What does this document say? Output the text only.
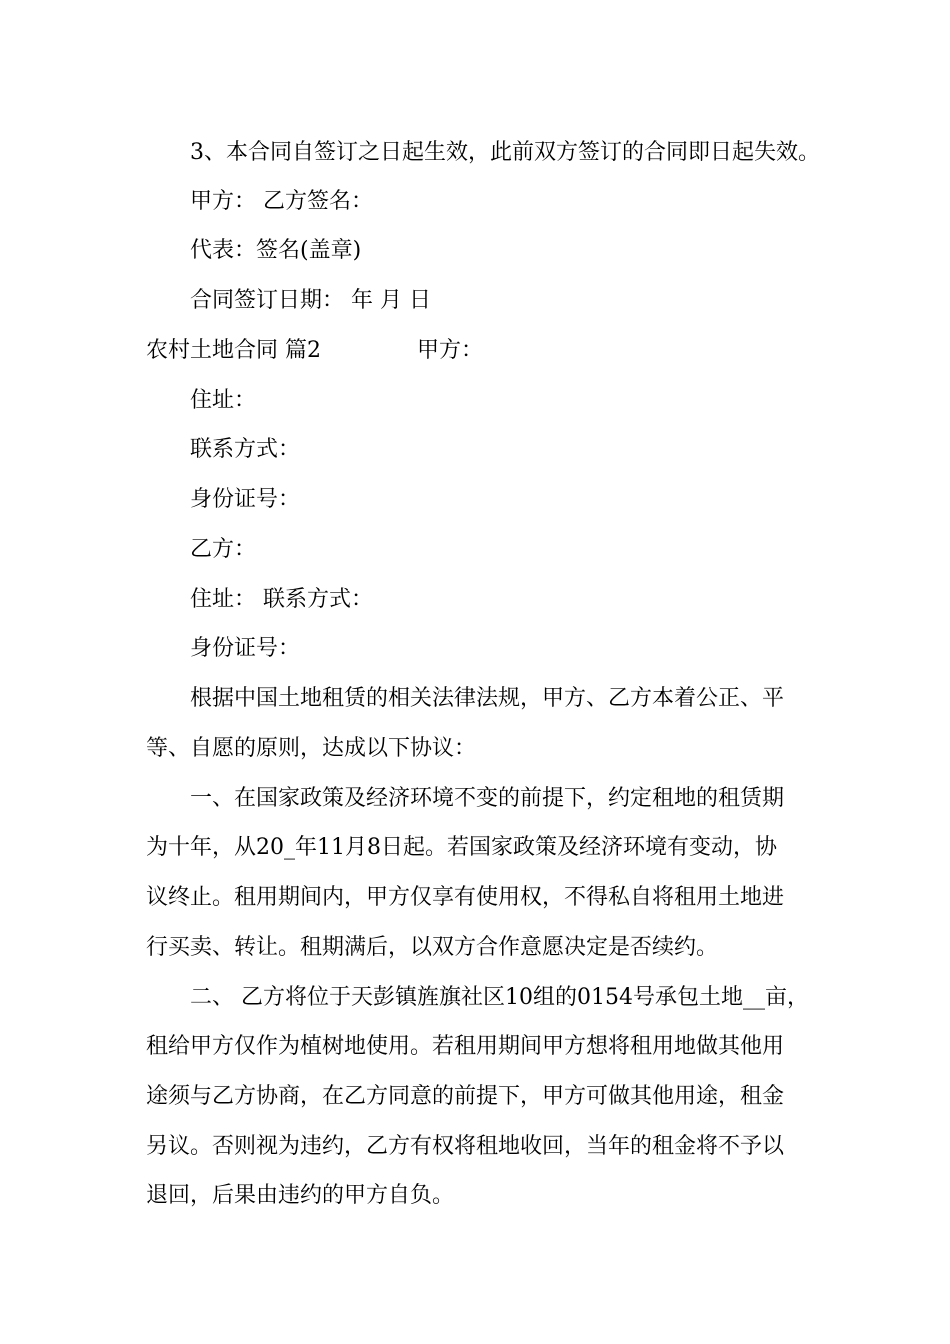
3、本合同自签订之日起生效，此前双方签订的合同即日起失效。
甲方： 乙方签名：
代表：签名(盖章)
合同签订日期： 年 月 日
农村土地合同 篇2	甲方：
住址：
联系方式：
身份证号：
乙方：
住址： 联系方式：
身份证号：
根据中国土地租赁的相关法律法规，甲方、乙方本着公正、平
等、自愿的原则，达成以下协议：
一、在国家政策及经济环境不变的前提下，约定租地的租赁期
为十年，从20_年11月8日起。若国家政策及经济环境有变动，协
议终止。租用期间内，甲方仅享有使用权，不得私自将租用土地进
行买卖、转让。租期满后，以双方合作意愿决定是否续约。
二、 乙方将位于天彭镇旌旗社区10组的0154号承包土地__亩，
租给甲方仅作为植树地使用。若租用期间甲方想将租用地做其他用
途须与乙方协商，在乙方同意的前提下，甲方可做其他用途，租金
另议。否则视为违约，乙方有权将租地收回，当年的租金将不予以
退回，后果由违约的甲方自负。
